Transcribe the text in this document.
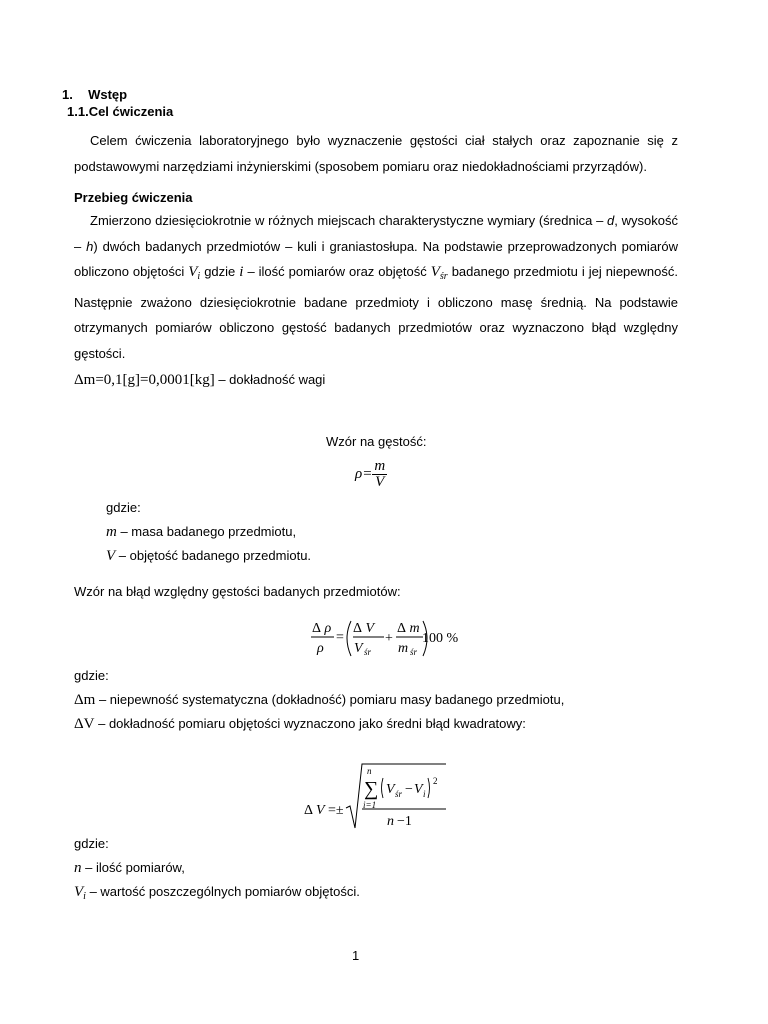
1. Wstęp
1.1.Cel ćwiczenia
Celem ćwiczenia laboratoryjnego było wyznaczenie gęstości ciał stałych oraz zapoznanie się z podstawowymi narzędziami inżynierskimi (sposobem pomiaru oraz niedokładnościami przyrządów).
Przebieg ćwiczenia
Zmierzono dziesięciokrotnie w różnych miejscach charakterystyczne wymiary (średnica – d, wysokość – h) dwóch badanych przedmiotów – kuli i graniastosłupa. Na podstawie przeprowadzonych pomiarów obliczono objętości $V_i$ gdzie i – ilość pomiarów oraz objętość $V_{śr}$ badanego przedmiotu i jej niepewność. Następnie zważono dziesięciokrotnie badane przedmioty i obliczono masę średnią. Na podstawie otrzymanych pomiarów obliczono gęstość badanych przedmiotów oraz wyznaczono błąd względny gęstości.
Δm=0,1[g]=0,0001[kg] – dokładność wagi
Wzór na gęstość:
$\rho= \frac{m}{V}$
gdzie:
m – masa badanego przedmiotu,
V – objętość badanego przedmiotu.
Wzór na błąd względny gęstości badanych przedmiotów:
Δ ρ
ρ
=
Δ V
V śr
+
Δ m
m śr
100 %
gdzie:
Δm – niepewność systematyczna (dokładność) pomiaru masy badanego przedmiotu,
ΔV – dokładność pomiaru objętości wyznaczono jako średni błąd kwadratowy:
Δ V =±
n
∑
i=1
V śr − V i
2
n −1
gdzie:
n – ilość pomiarów,
$V_i$ – wartość poszczególnych pomiarów objętości.
1
